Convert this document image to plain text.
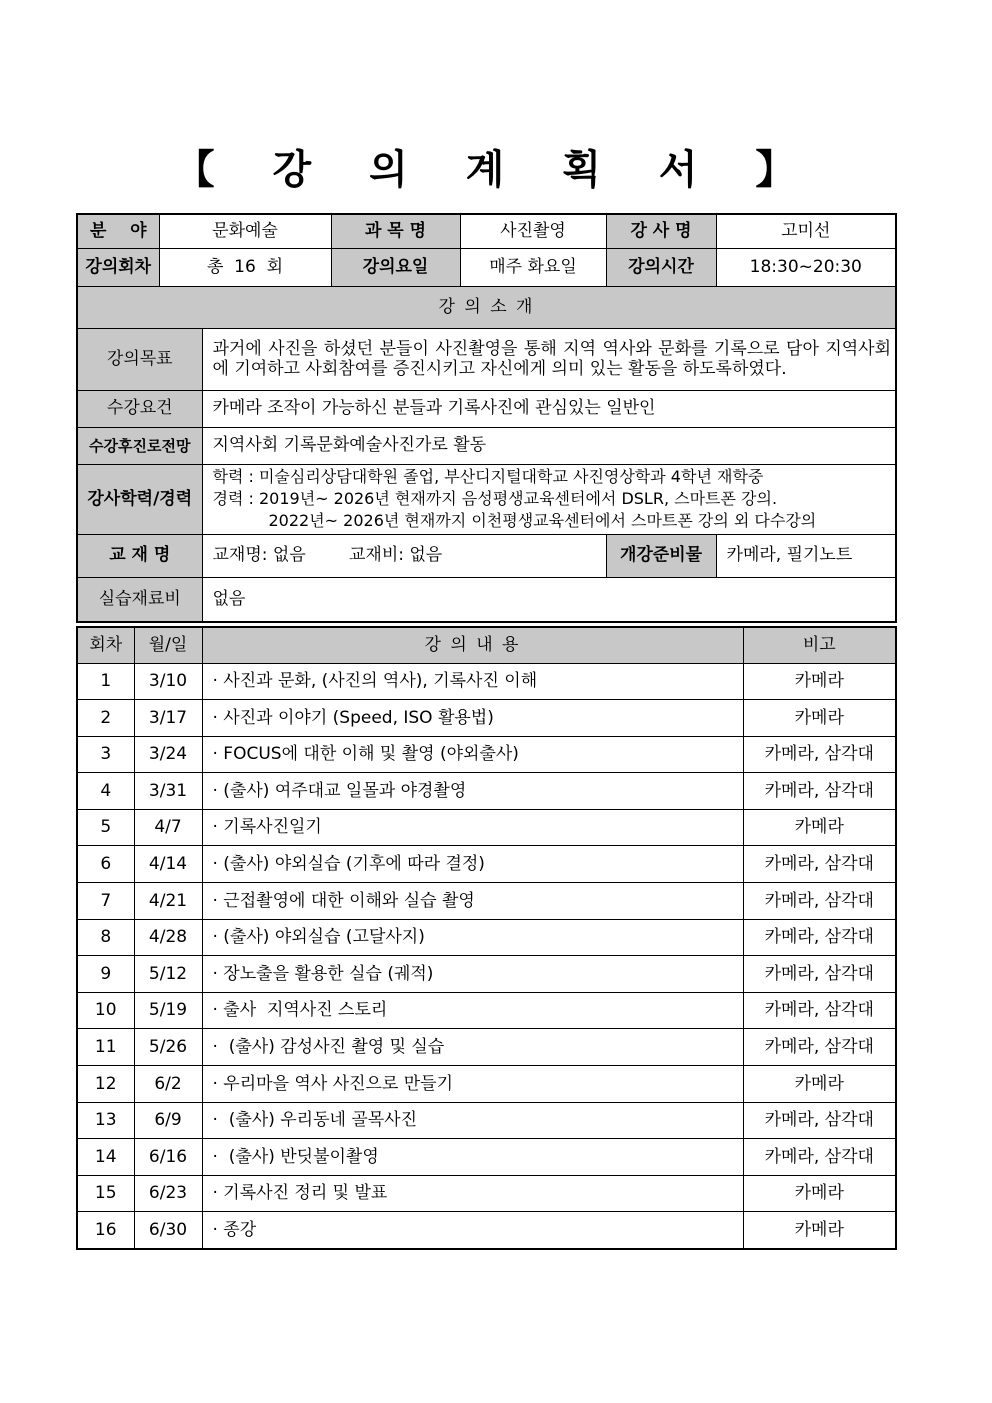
【 강 의 계 획 서 】
분    야	문화예술		과 목 명	사진촬영	강 사 명	고미선
강의회차	총  16  회		강의요일	매주 화요일	강의시간	18:30~20:30
강 의 소 개						
강의목표		과거에 사진을 하셨던 분들이 사진촬영을 통해 지역 역사와 문화를 기록으로 담아 지역사회에 기여하고 사회참여를 증진시키고 자신에게 의미 있는 활동을 하도록하였다.				
수강요건		카메라 조작이 가능하신 분들과 기록사진에 관심있는 일반인				
수강후진로전망		지역사회 기록문화예술사진가로 활동				
강사학력/경력		학력 : 미술심리상담대학원 졸업, 부산디지털대학교 사진영상학과 4학년 재학중
경력 : 2019년~ 2026년 현재까지 음성평생교육센터에서 DSLR, 스마트폰 강의.
2022년~ 2026년 현재까지 이천평생교육센터에서 스마트폰 강의 외 다수강의				

교 재 명		교재명: 없음        교재비: 없음			개강준비물	카메라, 필기노트
실습재료비		없음				
회차	월/일	강 의 내 용	비고
1	3/10	· 사진과 문화, (사진의 역사), 기록사진 이해	카메라
2	3/17	· 사진과 이야기 (Speed, ISO 활용법)	카메라
3	3/24	· FOCUS에 대한 이해 및 촬영 (야외출사)	카메라, 삼각대
4	3/31	· (출사) 여주대교 일몰과 야경촬영	카메라, 삼각대
5	4/7	· 기록사진일기	카메라
6	4/14	· (출사) 야외실습 (기후에 따라 결정)	카메라, 삼각대
7	4/21	· 근접촬영에 대한 이해와 실습 촬영	카메라, 삼각대
8	4/28	· (출사) 야외실습 (고달사지)	카메라, 삼각대
9	5/12	· 장노출을 활용한 실습 (궤적)	카메라, 삼각대
10	5/19	· 출사  지역사진 스토리	카메라, 삼각대
11	5/26	·  (출사) 감성사진 촬영 및 실습	카메라, 삼각대
12	6/2	· 우리마을 역사 사진으로 만들기	카메라
13	6/9	·  (출사) 우리동네 골목사진	카메라, 삼각대
14	6/16	·  (출사) 반딧불이촬영	카메라, 삼각대
15	6/23	· 기록사진 정리 및 발표	카메라
16	6/30	· 종강	카메라
